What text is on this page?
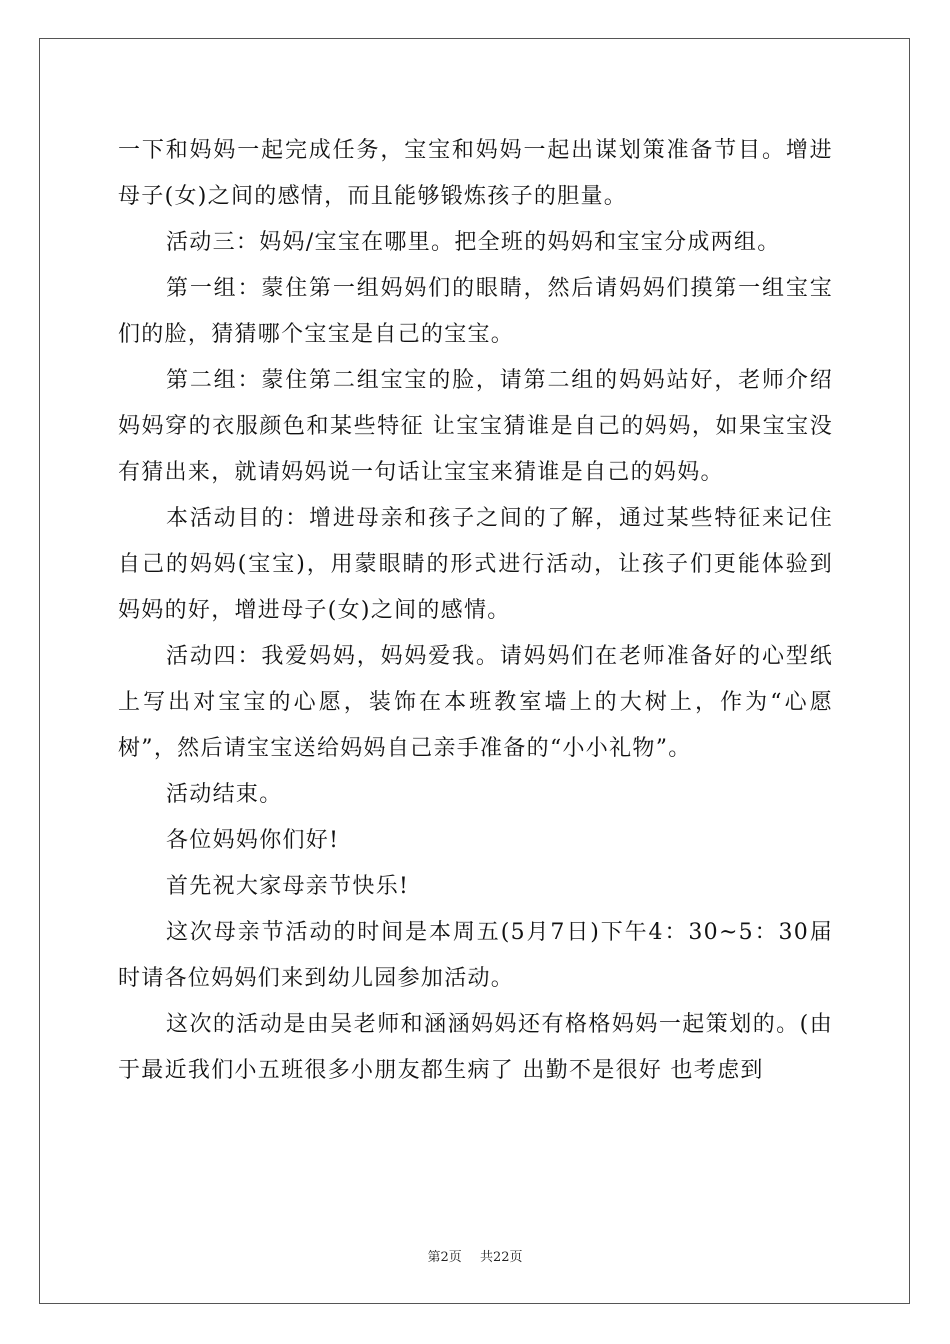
一下和妈妈一起完成任务，宝宝和妈妈一起出谋划策准备节目。增进母子(女)之间的感情，而且能够锻炼孩子的胆量。

活动三：妈妈/宝宝在哪里。把全班的妈妈和宝宝分成两组。

第一组：蒙住第一组妈妈们的眼睛，然后请妈妈们摸第一组宝宝们的脸，猜猜哪个宝宝是自己的宝宝。

第二组：蒙住第二组宝宝的脸，请第二组的妈妈站好，老师介绍妈妈穿的衣服颜色和某些特征 让宝宝猜谁是自己的妈妈，如果宝宝没有猜出来，就请妈妈说一句话让宝宝来猜谁是自己的妈妈。

本活动目的：增进母亲和孩子之间的了解，通过某些特征来记住自己的妈妈(宝宝)，用蒙眼睛的形式进行活动，让孩子们更能体验到妈妈的好，增进母子(女)之间的感情。

活动四：我爱妈妈，妈妈爱我。请妈妈们在老师准备好的心型纸上写出对宝宝的心愿，装饰在本班教室墙上的大树上，作为“心愿树”，然后请宝宝送给妈妈自己亲手准备的“小小礼物”。

活动结束。

各位妈妈你们好!

首先祝大家母亲节快乐!

这次母亲节活动的时间是本周五(5月7日)下午4：30~5：30届时请各位妈妈们来到幼儿园参加活动。

这次的活动是由吴老师和涵涵妈妈还有格格妈妈一起策划的。(由于最近我们小五班很多小朋友都生病了 出勤不是很好 也考虑到

第2页 共22页
